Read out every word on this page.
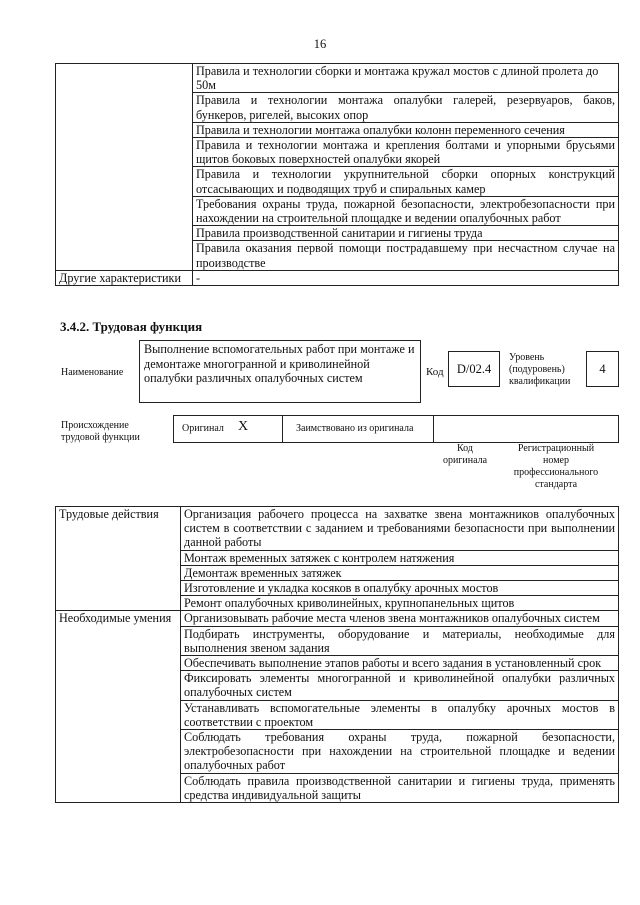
16
	Правила и технологии сборки и монтажа кружал мостов с длиной пролета до 50м
	Правила и технологии монтажа опалубки галерей, резервуаров, баков, бункеров, ригелей, высоких опор
	Правила и технологии монтажа опалубки колонн переменного сечения
	Правила и технологии монтажа и крепления болтами и упорными брусьями щитов боковых поверхностей опалубки якорей
	Правила и технологии укрупнительной сборки опорных конструкций отсасывающих и подводящих труб и спиральных камер
	Требования охраны труда, пожарной безопасности, электробезопасности при нахождении на строительной площадке и ведении опалубочных работ
	Правила производственной санитарии и гигиены труда
	Правила оказания первой помощи пострадавшему при несчастном случае на производстве
Другие характеристики	-
3.4.2. Трудовая функция
Наименование
Выполнение вспомогательных работ при монтаже и демонтаже многогранной и криволинейной опалубки различных опалубочных систем	Код	D/02.4
Уровень (подуровень) квалификации
4
Происхождение трудовой функции
Оригинал X	Заимствовано из оригинала
Код оригинала
Регистрационный номер профессионального стандарта
Трудовые действия	Организация рабочего процесса на захватке звена монтажников опалубочных систем в соответствии с заданием и требованиями безопасности при выполнении данной работы
	Монтаж временных затяжек с контролем натяжения
	Демонтаж временных затяжек
	Изготовление и укладка косяков в опалубку арочных мостов
	Ремонт опалубочных криволинейных, крупнопанельных щитов
Необходимые умения	Организовывать рабочие места членов звена монтажников опалубочных систем
	Подбирать инструменты, оборудование и материалы, необходимые для выполнения звеном задания
	Обеспечивать выполнение этапов работы и всего задания в установленный срок
	Фиксировать элементы многогранной и криволинейной опалубки различных опалубочных систем
	Устанавливать вспомогательные элементы в опалубку арочных мостов в соответствии с проектом
	Соблюдать требования охраны труда, пожарной безопасности, электробезопасности при нахождении на строительной площадке и ведении опалубочных работ
	Соблюдать правила производственной санитарии и гигиены труда, применять средства индивидуальной защиты
